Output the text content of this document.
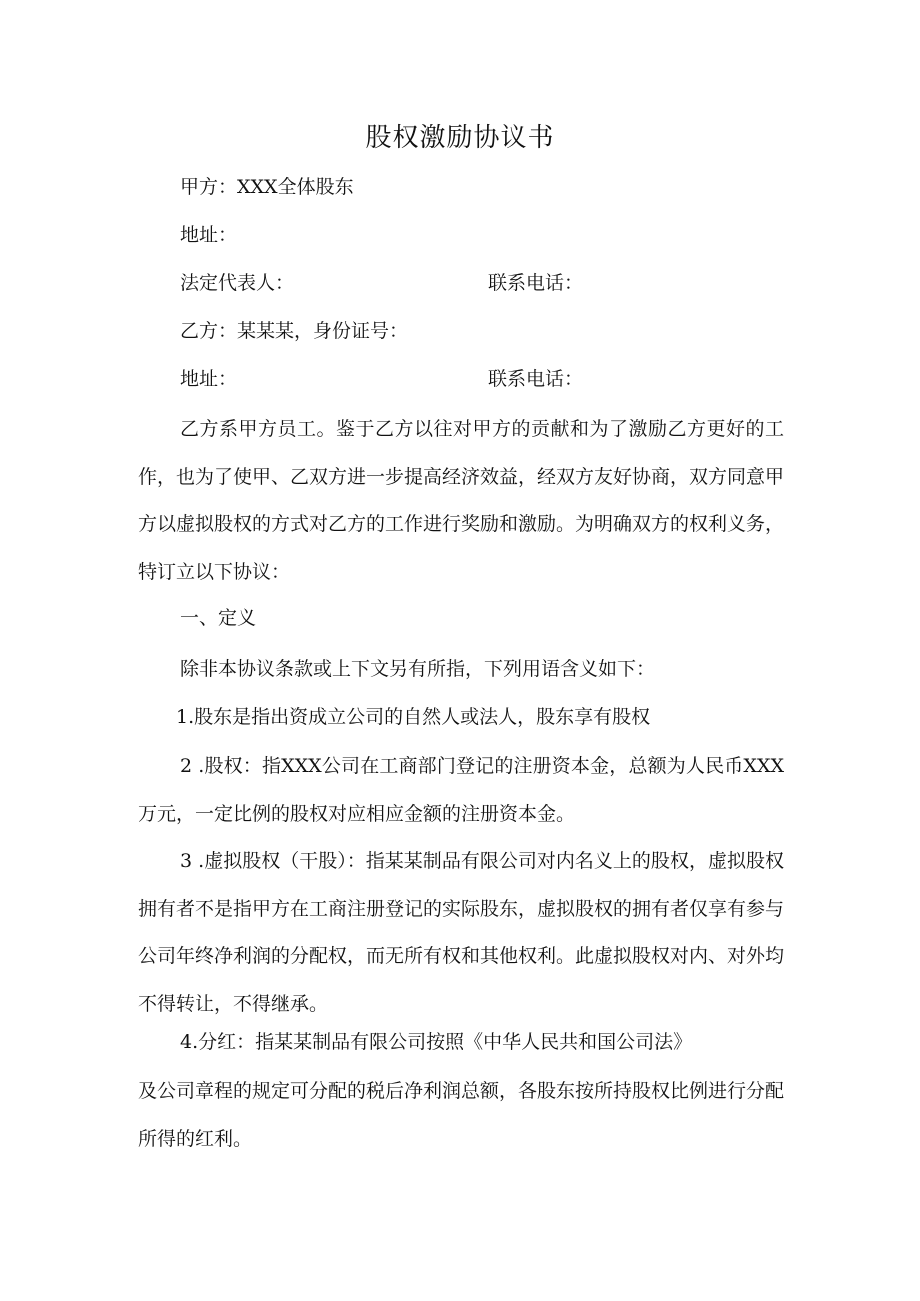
股权激励协议书
甲方：XXX全体股东
地址：
法定代表人：	联系电话：
乙方：某某某，身份证号：
地址：	联系电话：
乙方系甲方员工。鉴于乙方以往对甲方的贡献和为了激励乙方更好的工作，也为了使甲、乙双方进一步提高经济效益，经双方友好协商，双方同意甲方以虚拟股权的方式对乙方的工作进行奖励和激励。为明确双方的权利义务，特订立以下协议：
一、定义
除非本协议条款或上下文另有所指，下列用语含义如下：
1.股东是指出资成立公司的自然人或法人，股东享有股权
2 .股权：指XXX公司在工商部门登记的注册资本金，总额为人民币XXX万元，一定比例的股权对应相应金额的注册资本金。
3 .虚拟股权（干股）：指某某制品有限公司对内名义上的股权，虚拟股权拥有者不是指甲方在工商注册登记的实际股东，虚拟股权的拥有者仅享有参与公司年终净利润的分配权，而无所有权和其他权利。此虚拟股权对内、对外均不得转让，不得继承。
4.分红：指某某制品有限公司按照《中华人民共和国公司法》
及公司章程的规定可分配的税后净利润总额，各股东按所持股权比例进行分配所得的红利。
